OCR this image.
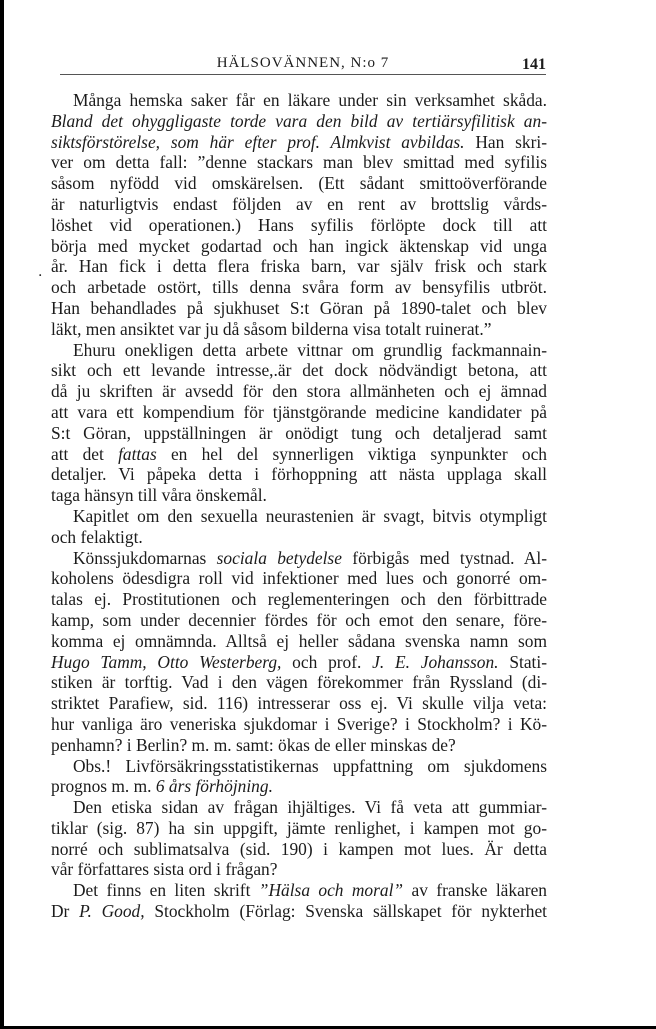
HÄLSOVÄNNEN, N:o 7	141
·
Många hemska saker får en läkare under sin verksamhet skåda.
Bland det ohyggligaste torde vara den bild av tertiärsyfilitisk an-
siktsförstörelse, som här efter prof. Almkvist avbildas. Han skri-
ver om detta fall: ”denne stackars man blev smittad med syfilis
såsom nyfödd vid omskärelsen. (Ett sådant smittoöverförande
är naturligtvis endast följden av en rent av brottslig vårds-
löshet vid operationen.) Hans syfilis förlöpte dock till att
börja med mycket godartad och han ingick äktenskap vid unga
år. Han fick i detta flera friska barn, var själv frisk och stark
och arbetade ostört, tills denna svåra form av bensyfilis utbröt.
Han behandlades på sjukhuset S:t Göran på 1890-talet och blev
läkt, men ansiktet var ju då såsom bilderna visa totalt ruinerat.”
Ehuru onekligen detta arbete vittnar om grundlig fackmannain-
sikt och ett levande intresse,.är det dock nödvändigt betona, att
då ju skriften är avsedd för den stora allmänheten och ej ämnad
att vara ett kompendium för tjänstgörande medicine kandidater på
S:t Göran, uppställningen är onödigt tung och detaljerad samt
att det fattas en hel del synnerligen viktiga synpunkter och
detaljer. Vi påpeka detta i förhoppning att nästa upplaga skall
taga hänsyn till våra önskemål.
Kapitlet om den sexuella neurastenien är svagt, bitvis otympligt
och felaktigt.
Könssjukdomarnas sociala betydelse förbigås med tystnad. Al-
koholens ödesdigra roll vid infektioner med lues och gonorré om-
talas ej. Prostitutionen och reglementeringen och den förbittrade
kamp, som under decennier fördes för och emot den senare, före-
komma ej omnämnda. Alltså ej heller sådana svenska namn som
Hugo Tamm, Otto Westerberg, och prof. J. E. Johansson. Stati-
stiken är torftig. Vad i den vägen förekommer från Ryssland (di-
striktet Parafiew, sid. 116) intresserar oss ej. Vi skulle vilja veta:
hur vanliga äro veneriska sjukdomar i Sverige? i Stockholm? i Kö-
penhamn? i Berlin? m. m. samt: ökas de eller minskas de?
Obs.! Livförsäkringsstatistikernas uppfattning om sjukdomens
prognos m. m. 6 års förhöjning.
Den etiska sidan av frågan ihjältiges. Vi få veta att gummiar-
tiklar (sig. 87) ha sin uppgift, jämte renlighet, i kampen mot go-
norré och sublimatsalva (sid. 190) i kampen mot lues. Är detta
vår författares sista ord i frågan?
Det finns en liten skrift ”Hälsa och moral” av franske läkaren
Dr P. Good, Stockholm (Förlag: Svenska sällskapet för nykterhet
